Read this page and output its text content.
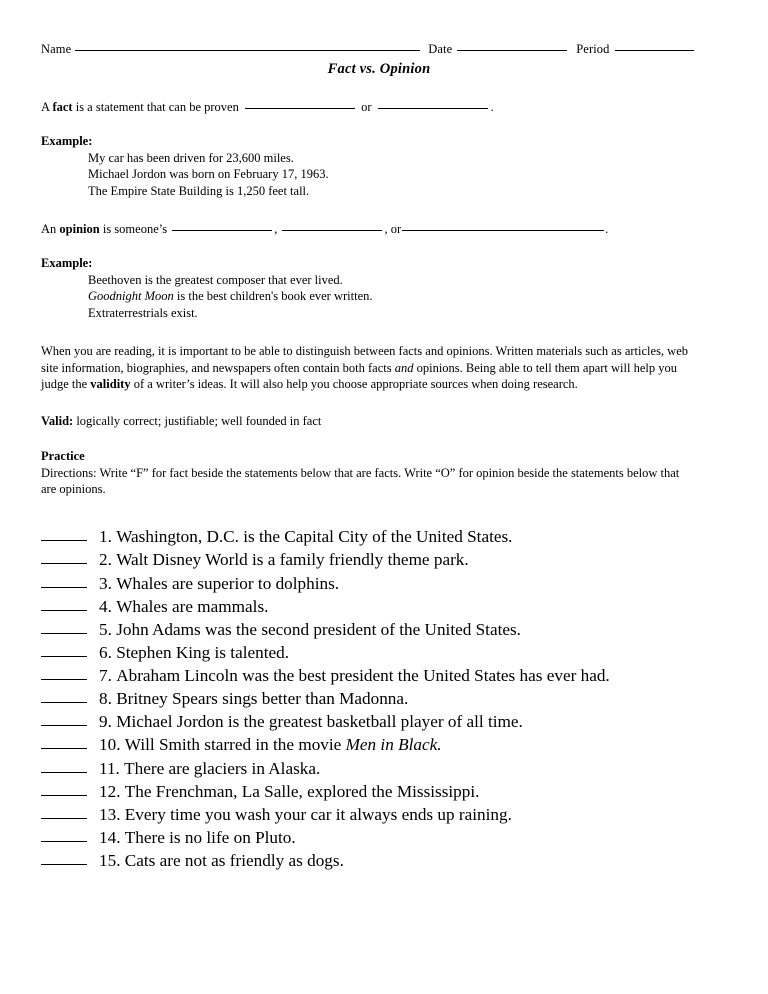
Name	Date	Period
Fact vs. Opinion
A fact is a statement that can be proven	or	.
Example:
My car has been driven for 23,600 miles.
Michael Jordon was born on February 17, 1963.
The Empire State Building is 1,250 feet tall.
An opinion is someone’s	,	, or	.
Example:
Beethoven is the greatest composer that ever lived.
Goodnight Moon is the best children's book ever written.
Extraterrestrials exist.
When you are reading, it is important to be able to distinguish between facts and opinions. Written materials such as articles, web site information, biographies, and newspapers often contain both facts and opinions. Being able to tell them apart will help you judge the validity of a writer’s ideas. It will also help you choose appropriate sources when doing research.
Valid: logically correct; justifiable; well founded in fact
Practice
Directions: Write “F” for fact beside the statements below that are facts. Write “O” for opinion beside the statements below that are opinions.
1. Washington, D.C. is the Capital City of the United States.
2. Walt Disney World is a family friendly theme park.
3. Whales are superior to dolphins.
4. Whales are mammals.
5. John Adams was the second president of the United States.
6. Stephen King is talented.
7. Abraham Lincoln was the best president the United States has ever had.
8. Britney Spears sings better than Madonna.
9. Michael Jordon is the greatest basketball player of all time.
10. Will Smith starred in the movie Men in Black.
11. There are glaciers in Alaska.
12. The Frenchman, La Salle, explored the Mississippi.
13. Every time you wash your car it always ends up raining.
14. There is no life on Pluto.
15. Cats are not as friendly as dogs.
